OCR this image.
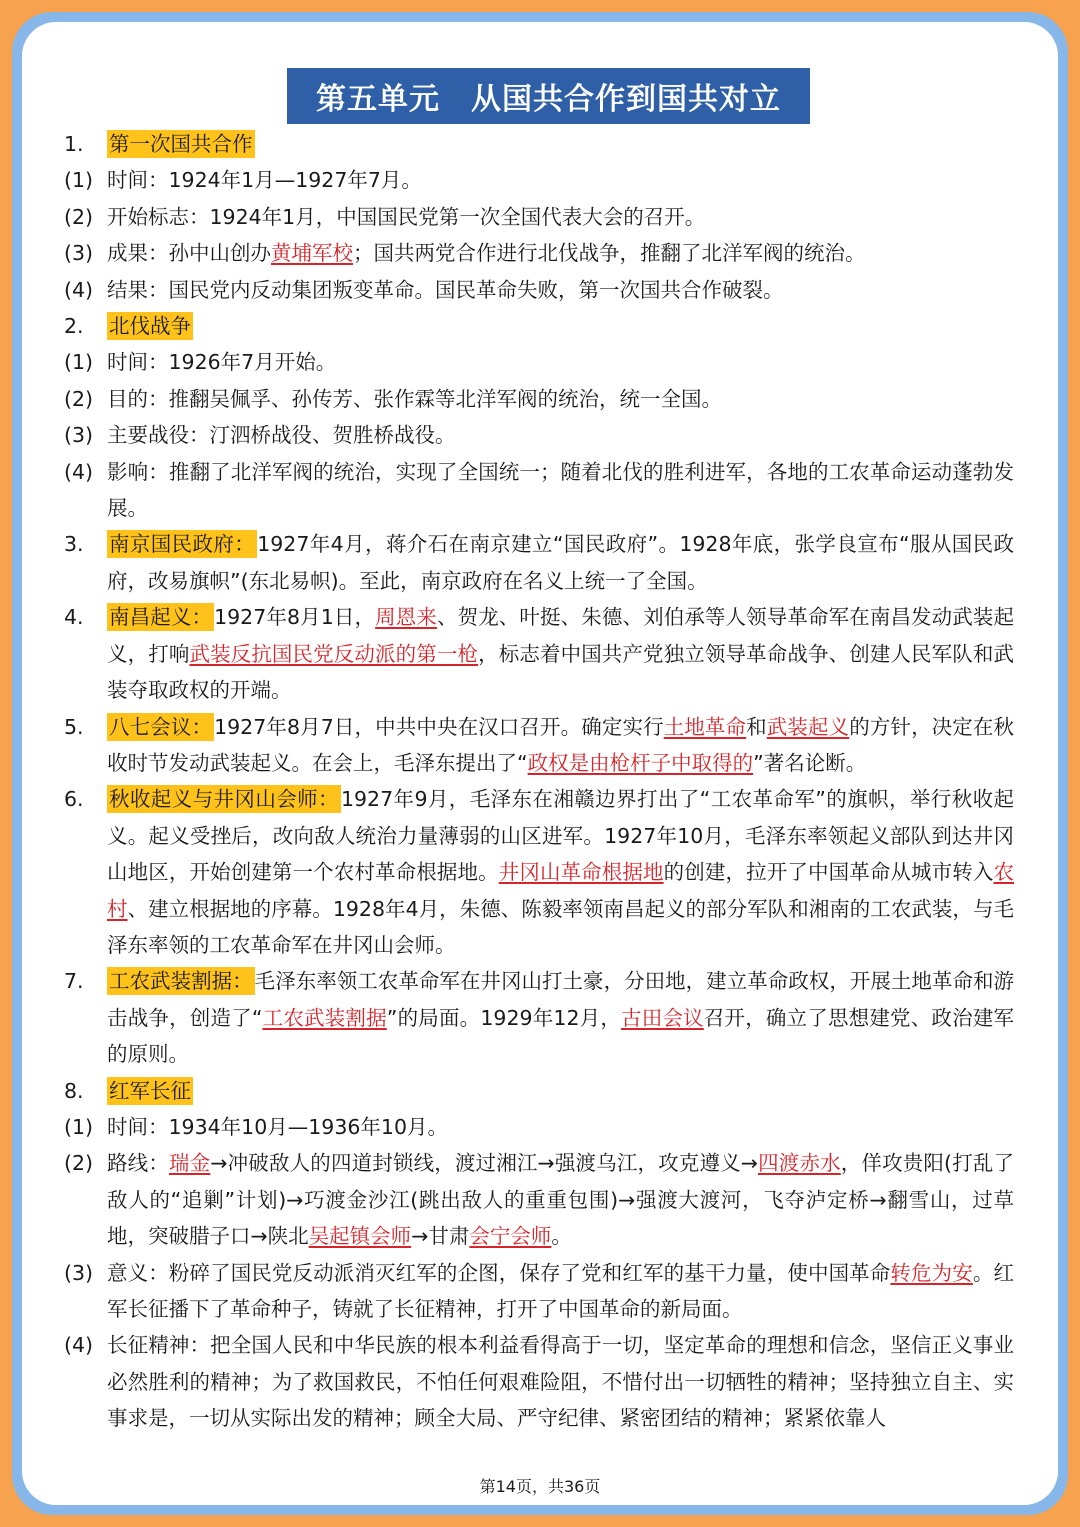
第五单元　从国共合作到国共对立
1.	第一次国共合作
(1) 时间：1924年1月—1927年7月。
(2) 开始标志：1924年1月，中国国民党第一次全国代表大会的召开。
(3) 成果：孙中山创办黄埔军校；国共两党合作进行北伐战争，推翻了北洋军阀的统治。
(4) 结果：国民党内反动集团叛变革命。国民革命失败，第一次国共合作破裂。
2.	北伐战争
(1) 时间：1926年7月开始。
(2) 目的：推翻吴佩孚、孙传芳、张作霖等北洋军阀的统治，统一全国。
(3) 主要战役：汀泗桥战役、贺胜桥战役。
(4) 影响：推翻了北洋军阀的统治，实现了全国统一；随着北伐的胜利进军，各地的工农革命运动蓬勃发展。
3.	南京国民政府：1927年4月，蒋介石在南京建立“国民政府”。1928年底，张学良宣布“服从国民政府，改易旗帜”(东北易帜)。至此，南京政府在名义上统一了全国。
4.	南昌起义：1927年8月1日，周恩来、贺龙、叶挺、朱德、刘伯承等人领导革命军在南昌发动武装起义，打响武装反抗国民党反动派的第一枪，标志着中国共产党独立领导革命战争、创建人民军队和武装夺取政权的开端。
5.	八七会议：1927年8月7日，中共中央在汉口召开。确定实行土地革命和武装起义的方针，决定在秋收时节发动武装起义。在会上，毛泽东提出了“政权是由枪杆子中取得的”著名论断。
6.	秋收起义与井冈山会师：1927年9月，毛泽东在湘赣边界打出了“工农革命军”的旗帜，举行秋收起义。起义受挫后，改向敌人统治力量薄弱的山区进军。1927年10月，毛泽东率领起义部队到达井冈山地区，开始创建第一个农村革命根据地。井冈山革命根据地的创建，拉开了中国革命从城市转入农村、建立根据地的序幕。1928年4月，朱德、陈毅率领南昌起义的部分军队和湘南的工农武装，与毛泽东率领的工农革命军在井冈山会师。
7.	工农武装割据：毛泽东率领工农革命军在井冈山打土豪，分田地，建立革命政权，开展土地革命和游击战争，创造了“工农武装割据”的局面。1929年12月，古田会议召开，确立了思想建党、政治建军的原则。
8.	红军长征
(1) 时间：1934年10月—1936年10月。
(2) 路线：瑞金→冲破敌人的四道封锁线，渡过湘江→强渡乌江，攻克遵义→四渡赤水，佯攻贵阳(打乱了敌人的“追剿”计划)→巧渡金沙江(跳出敌人的重重包围)→强渡大渡河，飞夺泸定桥→翻雪山，过草地，突破腊子口→陕北吴起镇会师→甘肃会宁会师。
(3) 意义：粉碎了国民党反动派消灭红军的企图，保存了党和红军的基干力量，使中国革命转危为安。红军长征播下了革命种子，铸就了长征精神，打开了中国革命的新局面。
(4) 长征精神：把全国人民和中华民族的根本利益看得高于一切，坚定革命的理想和信念，坚信正义事业必然胜利的精神；为了救国救民，不怕任何艰难险阻，不惜付出一切牺牲的精神；坚持独立自主、实事求是，一切从实际出发的精神；顾全大局、严守纪律、紧密团结的精神；紧紧依靠人
第14页，共36页
